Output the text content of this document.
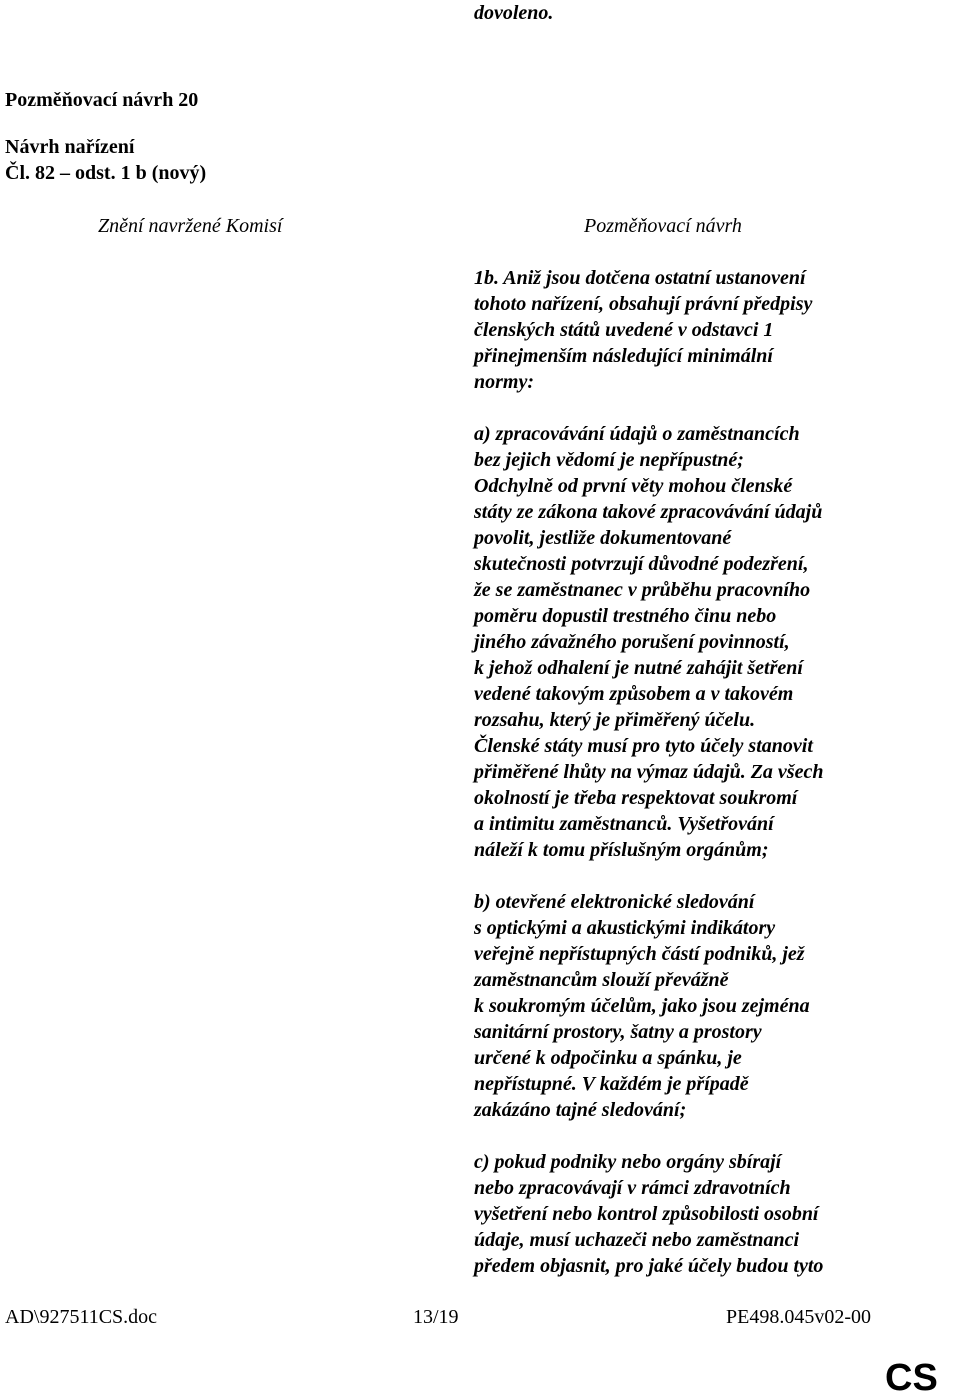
dovoleno.
Pozměňovací návrh 20
Návrh nařízení
Čl. 82 – odst. 1 b (nový)
Znění navržené Komisí	Pozměňovací návrh

1b. Aniž jsou dotčena ostatní ustanovení
tohoto nařízení, obsahují právní předpisy
členských států uvedené v odstavci 1
přinejmenším následující minimální
normy:

a) zpracovávání údajů o zaměstnancích
bez jejich vědomí je nepřípustné;
Odchylně od první věty mohou členské
státy ze zákona takové zpracovávání údajů
povolit, jestliže dokumentované
skutečnosti potvrzují důvodné podezření,
že se zaměstnanec v průběhu pracovního
poměru dopustil trestného činu nebo
jiného závažného porušení povinností,
k jehož odhalení je nutné zahájit šetření
vedené takovým způsobem a v takovém
rozsahu, který je přiměřený účelu.
Členské státy musí pro tyto účely stanovit
přiměřené lhůty na výmaz údajů. Za všech
okolností je třeba respektovat soukromí
a intimitu zaměstnanců. Vyšetřování
náleží k tomu příslušným orgánům;

b) otevřené elektronické sledování
s optickými a akustickými indikátory
veřejně nepřístupných částí podniků, jež
zaměstnancům slouží převážně
k soukromým účelům, jako jsou zejména
sanitární prostory, šatny a prostory
určené k odpočinku a spánku, je
nepřístupné. V každém je případě
zakázáno tajné sledování;

c) pokud podniky nebo orgány sbírají
nebo zpracovávají v rámci zdravotních
vyšetření nebo kontrol způsobilosti osobní
údaje, musí uchazeči nebo zaměstnanci
předem objasnit, pro jaké účely budou tyto

AD\927511CS.doc	13/19	PE498.045v02-00
CS
